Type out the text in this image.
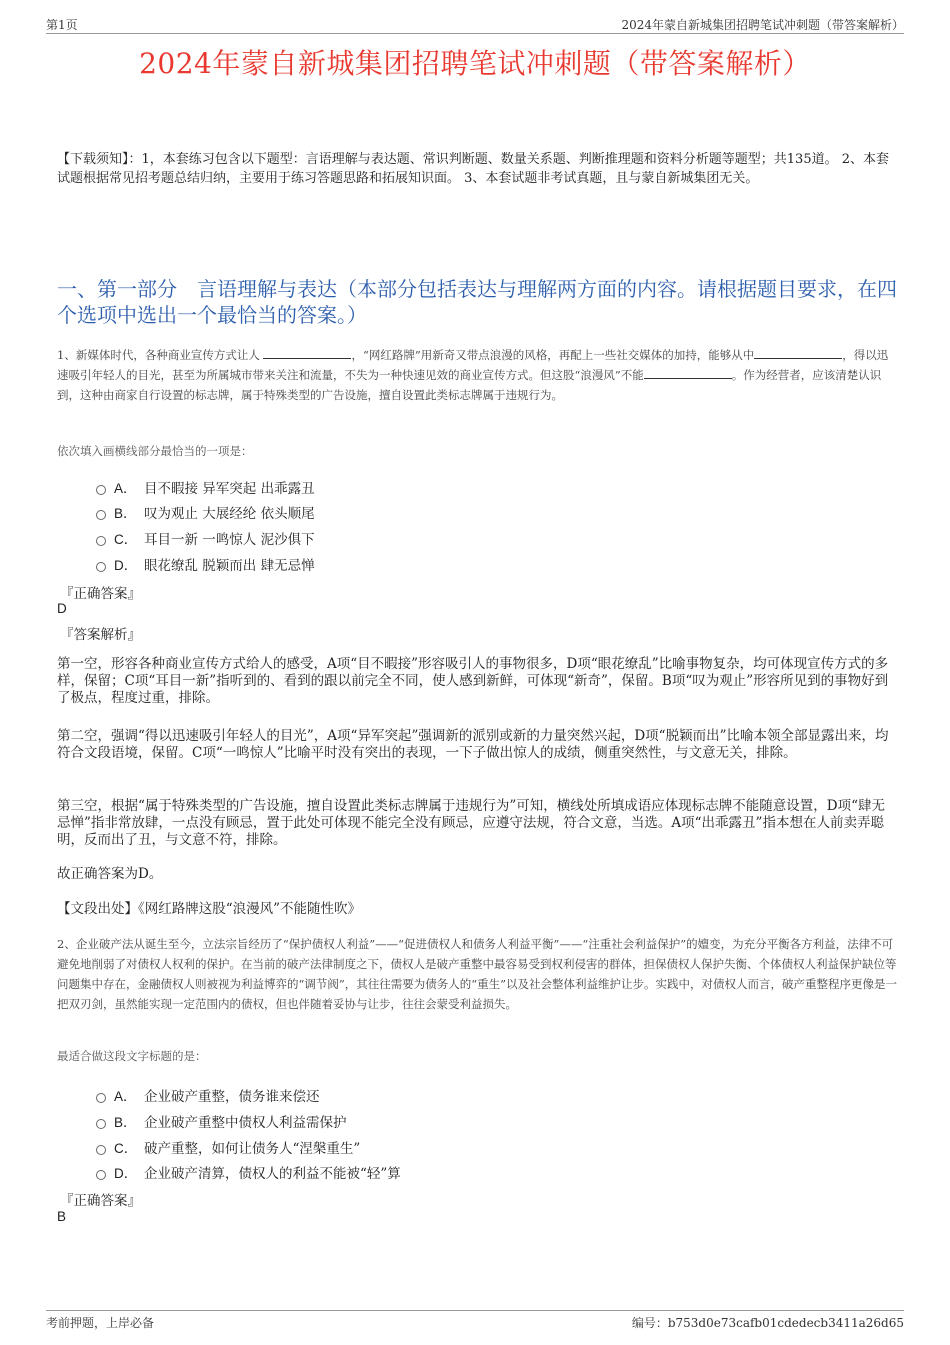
第1页	2024年蒙自新城集团招聘笔试冲刺题（带答案解析）
2024年蒙自新城集团招聘笔试冲刺题（带答案解析）
【下载须知】：1，本套练习包含以下题型：言语理解与表达题、常识判断题、数量关系题、判断推理题和资料分析题等题型；共135道。 2、本套试题根据常见招考题总结归纳，主要用于练习答题思路和拓展知识面。 3、本套试题非考试真题，且与蒙自新城集团无关。
一、第一部分　言语理解与表达（本部分包括表达与理解两方面的内容。请根据题目要求，在四个选项中选出一个最恰当的答案。）
1、新媒体时代，各种商业宣传方式让人	，“网红路牌”用新奇又带点浪漫的风格，再配上一些社交媒体的加持，能够从中	，得以迅速吸引年轻人的目光，甚至为所属城市带来关注和流量，不失为一种快速见效的商业宣传方式。但这股“浪漫风”不能	。作为经营者，应该清楚认识到，这种由商家自行设置的标志牌，属于特殊类型的广告设施，擅自设置此类标志牌属于违规行为。
依次填入画横线部分最恰当的一项是：
A． 目不暇接 异军突起 出乖露丑
B． 叹为观止 大展经纶 依头顺尾
C． 耳目一新 一鸣惊人 泥沙俱下
D． 眼花缭乱 脱颖而出 肆无忌惮
『正确答案』
D
『答案解析』
第一空，形容各种商业宣传方式给人的感受，A项“目不暇接”形容吸引人的事物很多，D项“眼花缭乱”比喻事物复杂，均可体现宣传方式的多样，保留；C项“耳目一新”指听到的、看到的跟以前完全不同，使人感到新鲜，可体现“新奇”，保留。B项“叹为观止”形容所见到的事物好到了极点，程度过重，排除。
第二空，强调“得以迅速吸引年轻人的目光”，A项“异军突起”强调新的派别或新的力量突然兴起，D项“脱颖而出”比喻本领全部显露出来，均符合文段语境，保留。C项“一鸣惊人”比喻平时没有突出的表现，一下子做出惊人的成绩，侧重突然性，与文意无关，排除。
第三空，根据“属于特殊类型的广告设施，擅自设置此类标志牌属于违规行为”可知，横线处所填成语应体现标志牌不能随意设置，D项“肆无忌惮”指非常放肆，一点没有顾忌，置于此处可体现不能完全没有顾忌，应遵守法规，符合文意，当选。A项“出乖露丑”指本想在人前卖弄聪明，反而出了丑，与文意不符，排除。
故正确答案为D。
【文段出处】《网红路牌这股“浪漫风”不能随性吹》
2、企业破产法从诞生至今，立法宗旨经历了“保护债权人利益”——“促进债权人和债务人利益平衡”——“注重社会利益保护”的嬗变，为充分平衡各方利益，法律不可避免地削弱了对债权人权利的保护。在当前的破产法律制度之下，债权人是破产重整中最容易受到权利侵害的群体，担保债权人保护失衡、个体债权人利益保护缺位等问题集中存在，金融债权人则被视为利益博弈的“调节阀”，其往往需要为债务人的“重生”以及社会整体利益维护让步。实践中，对债权人而言，破产重整程序更像是一把双刃剑，虽然能实现一定范围内的债权，但也伴随着妥协与让步，往往会蒙受利益损失。
最适合做这段文字标题的是：
A． 企业破产重整，债务谁来偿还
B． 企业破产重整中债权人利益需保护
C． 破产重整，如何让债务人“涅槃重生”
D． 企业破产清算，债权人的利益不能被“轻”算
『正确答案』
B
考前押题，上岸必备	编号：b753d0e73cafb01cdedecb3411a26d65
